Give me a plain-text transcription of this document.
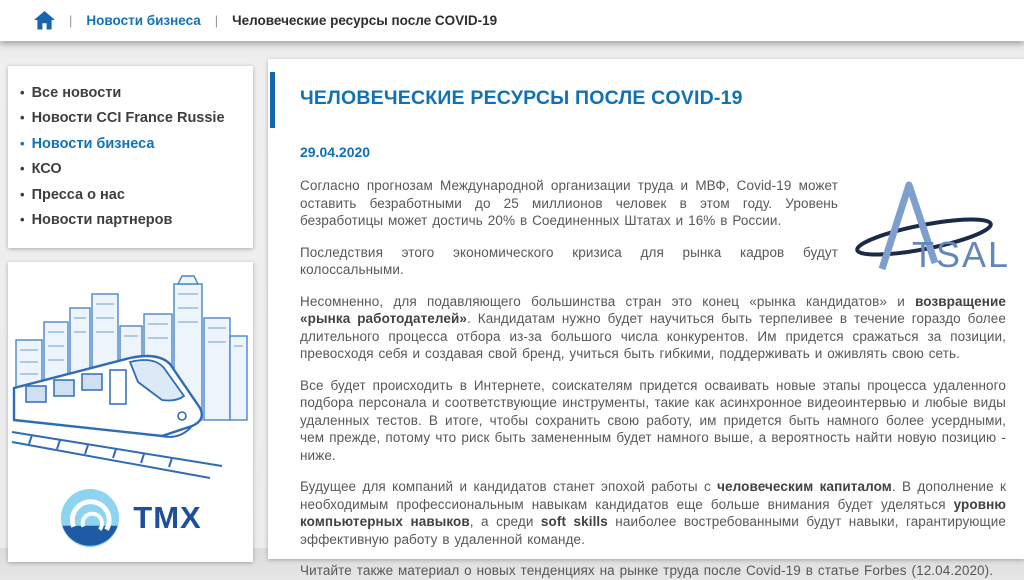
| Новости бизнеса | Человеческие ресурсы после COVID-19
• Все новости
• Новости CCI France Russie
• Новости бизнеса
• КСО
• Пресса о нас
• Новости партнеров
TMX
ЧЕЛОВЕЧЕСКИЕ РЕСУРСЫ ПОСЛЕ COVID-19
29.04.2020
TSAL

Согласно прогнозам Международной организации труда и МВФ, Covid-19 может оставить безработными до 25 миллионов человек в этом году. Уровень безработицы может достичь 20% в Соединенных Штатах и 16% в России.

Последствия этого экономического кризиса для рынка кадров будут колоссальными.

Несомненно, для подавляющего большинства стран это конец «рынка кандидатов» и возвращение «рынка работодателей». Кандидатам нужно будет научиться быть терпеливее в течение гораздо более длительного процесса отбора из-за большого числа конкурентов. Им придется сражаться за позиции, превосходя себя и создавая свой бренд, учиться быть гибкими, поддерживать и оживлять свою сеть.

Все будет происходить в Интернете, соискателям придется осваивать новые этапы процесса удаленного подбора персонала и соответствующие инструменты, такие как асинхронное видеоинтервью и любые виды удаленных тестов. В итоге, чтобы сохранить свою работу, им придется быть намного более усердными, чем прежде, потому что риск быть замененным будет намного выше, а вероятность найти новую позицию - ниже.

Будущее для компаний и кандидатов станет эпохой работы с человеческим капиталом. В дополнение к необходимым профессиональным навыкам кандидатов еще больше внимания будет уделяться уровню компьютерных навыков, а среди soft skills наиболее востребованными будут навыки, гарантирующие эффективную работу в удаленной команде.

Читайте также материал о новых тенденциях на рынке труда после Covid-19 в статье Forbes (12.04.2020).
